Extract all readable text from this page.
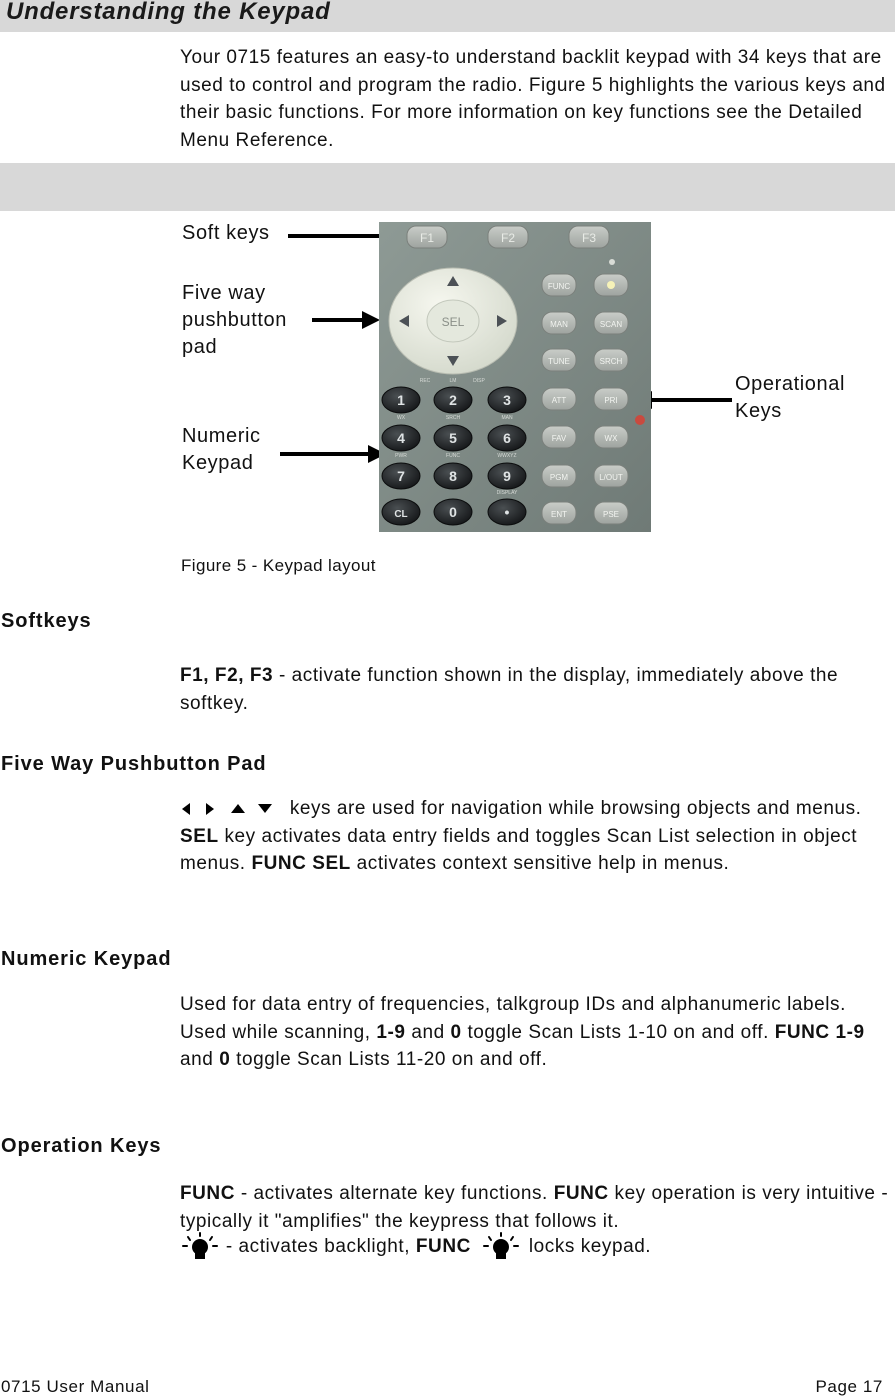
Understanding the Keypad
Your 0715 features an easy-to understand backlit keypad with 34 keys that are used to control and program the radio. Figure 5 highlights the various keys and their basic functions. For more information on key functions see the Detailed Menu Reference.
Soft keys
Five way
pushbutton
pad
Numeric
Keypad
Operational
Keys
F1	F2	F3
SEL
1	2	3
4	5	6
7	8	9
CL	0	•
REC	DISP
WX	SRCH	MAN
PWR	FUNC	WWXYZ
DISPLAY
LM
FUNC
MAN	SCAN
TUNE	SRCH
ATT	PRI
FAV	WX
PGM	L/OUT
ENT	PSE
Figure 5 - Keypad layout
Softkeys
F1, F2, F3 - activate function shown in the display, immediately above the softkey.
Five Way Pushbutton Pad
keys are used for navigation while browsing objects and menus. SEL key activates data entry fields and toggles Scan List selection in object menus. FUNC SEL activates context sensitive help in menus.
Numeric Keypad
Used for data entry of frequencies, talkgroup IDs and alphanumeric labels. Used while scanning, 1-9 and 0 toggle Scan Lists 1-10 on and off. FUNC 1-9 and 0 toggle Scan Lists 11-20 on and off.
Operation Keys
FUNC - activates alternate key functions. FUNC key operation is very intuitive - typically it "amplifies" the keypress that follows it.
- activates backlight, FUNC	locks keypad.
0715 User Manual	Page 17
